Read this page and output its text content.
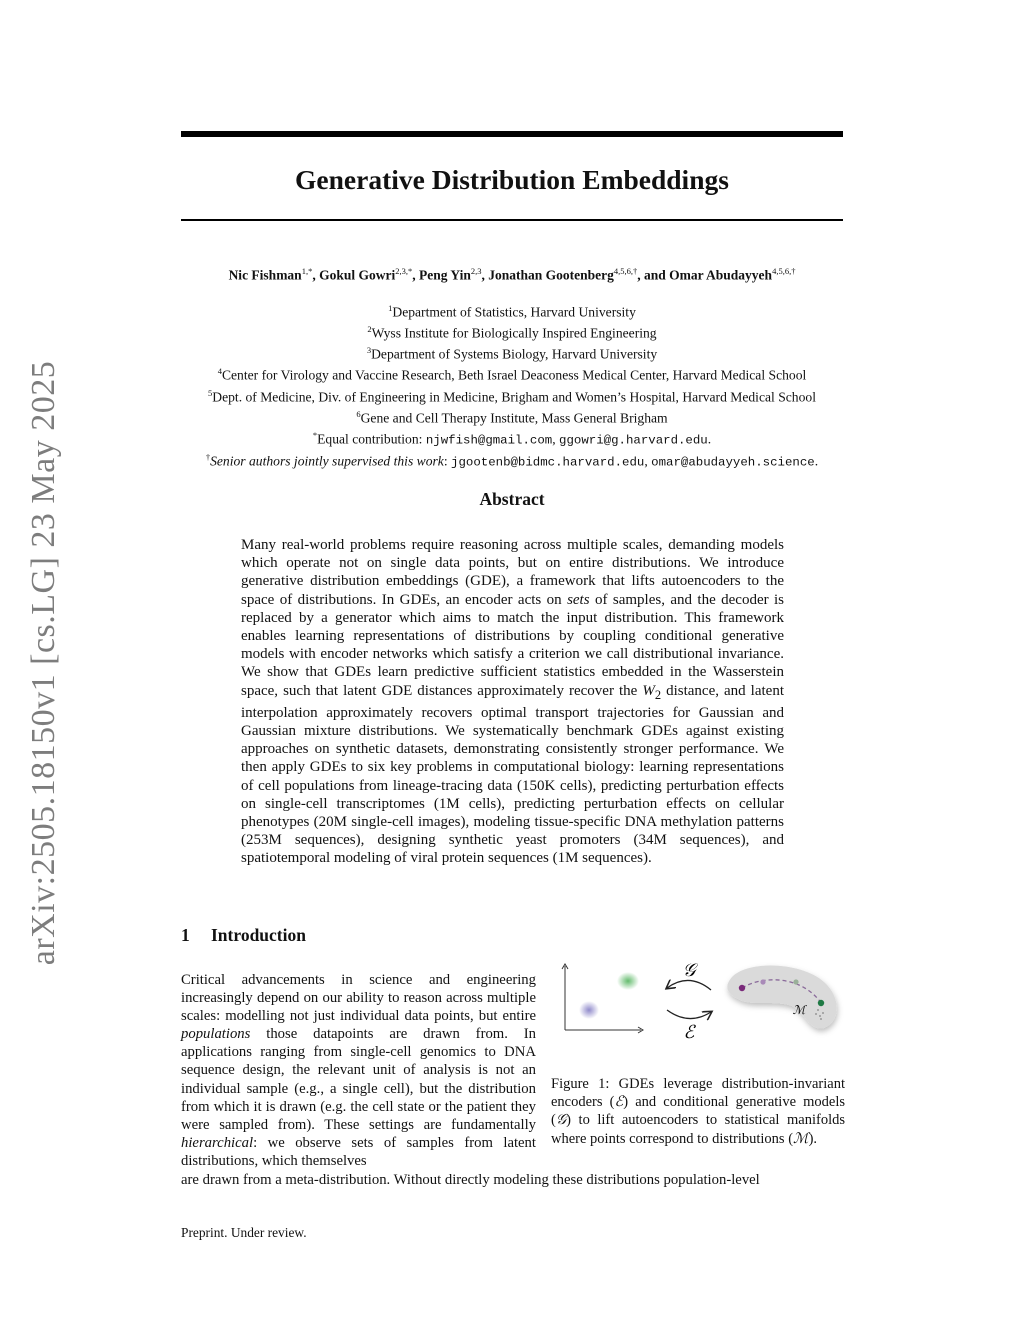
arXiv:2505.18150v1 [cs.LG] 23 May 2025
Generative Distribution Embeddings
Nic Fishman$^{1,*}$, Gokul Gowri$^{2,3,*}$, Peng Yin$^{2,3}$, Jonathan Gootenberg$^{4,5,6,\dagger}$, and Omar Abudayyeh$^{4,5,6,\dagger}$
$^1$Department of Statistics, Harvard University
$^2$Wyss Institute for Biologically Inspired Engineering
$^3$Department of Systems Biology, Harvard University
$^4$Center for Virology and Vaccine Research, Beth Israel Deaconess Medical Center, Harvard Medical School
$^5$Dept. of Medicine, Div. of Engineering in Medicine, Brigham and Women’s Hospital, Harvard Medical School
$^6$Gene and Cell Therapy Institute, Mass General Brigham
*Equal contribution: njwfish@gmail.com, ggowri@g.harvard.edu.
†Senior authors jointly supervised this work: jgootenb@bidmc.harvard.edu, omar@abudayyeh.science.
Abstract

Many real-world problems require reasoning across multiple scales, demanding models which operate not on single data points, but on entire distributions. We introduce generative distribution embeddings (GDE), a framework that lifts autoencoders to the space of distributions. In GDEs, an encoder acts on sets of samples, and the decoder is replaced by a generator which aims to match the input distribution. This framework enables learning representations of distributions by coupling conditional generative models with encoder networks which satisfy a criterion we call distributional invariance. We show that GDEs learn predictive sufficient statistics embedded in the Wasserstein space, such that latent GDE distances approximately recover the $W_2$ distance, and latent interpolation approximately recovers optimal transport trajectories for Gaussian and Gaussian mixture distributions. We systematically benchmark GDEs against existing approaches on synthetic datasets, demonstrating consistently stronger performance. We then apply GDEs to six key problems in computational biology: learning representations of cell populations from lineage-tracing data (150K cells), predicting perturbation effects on single-cell transcriptomes (1M cells), predicting perturbation effects on cellular phenotypes (20M single-cell images), modeling tissue-specific DNA methylation patterns (253M sequences), designing synthetic yeast promoters (34M sequences), and spatiotemporal modeling of viral protein sequences (1M sequences).

1 Introduction

Critical advancements in science and engineering increasingly depend on our ability to reason across multiple scales: modelling not just individual data points, but entire populations those datapoints are drawn from. In applications ranging from single-cell genomics to DNA sequence design, the relevant unit of analysis is not an individual sample (e.g., a single cell), but the distribution from which it is drawn (e.g. the cell state or the patient they were sampled from). These settings are fundamentally hierarchical: we observe sets of samples from latent distributions, which themselves

are drawn from a meta-distribution. Without directly modeling these distributions population-level

𝒢
ℰ
ℳ

Figure 1: GDEs leverage distribution-invariant encoders (ℰ) and conditional generative models (𝒢) to lift autoencoders to statistical manifolds where points correspond to distributions (ℳ).

Preprint. Under review.
